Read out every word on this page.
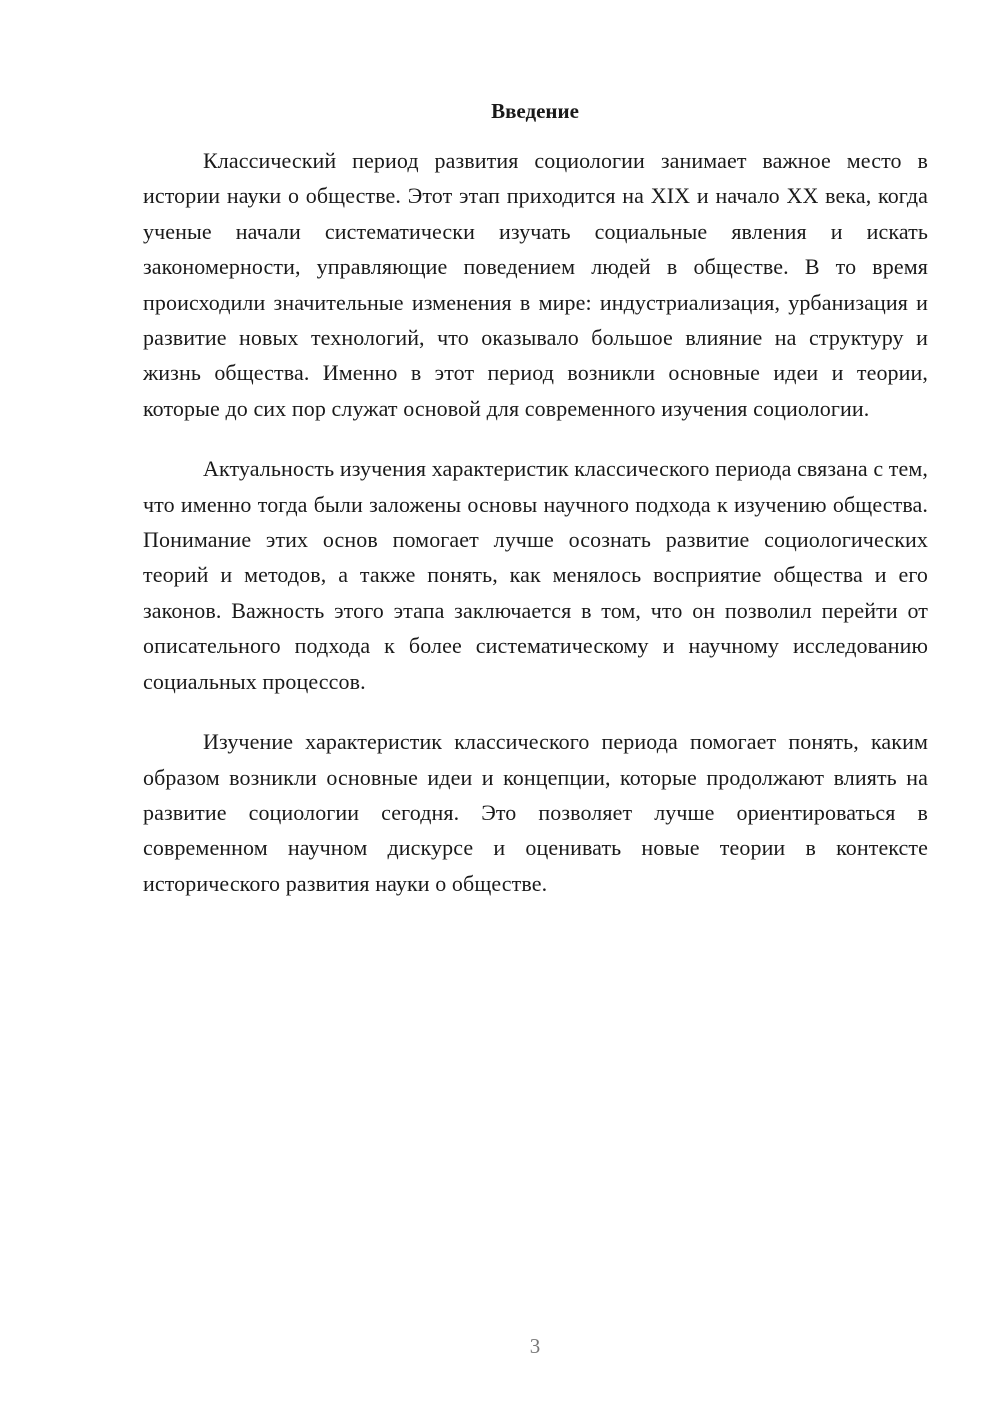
Введение

Классический период развития социологии занимает важное место в истории науки о обществе. Этот этап приходится на XIX и начало XX века, когда ученые начали систематически изучать социальные явления и искать закономерности, управляющие поведением людей в обществе. В то время происходили значительные изменения в мире: индустриализация, урбанизация и развитие новых технологий, что оказывало большое влияние на структуру и жизнь общества. Именно в этот период возникли основные идеи и теории, которые до сих пор служат основой для современного изучения социологии.

Актуальность изучения характеристик классического периода связана с тем, что именно тогда были заложены основы научного подхода к изучению общества. Понимание этих основ помогает лучше осознать развитие социологических теорий и методов, а также понять, как менялось восприятие общества и его законов. Важность этого этапа заключается в том, что он позволил перейти от описательного подхода к более систематическому и научному исследованию социальных процессов.

Изучение характеристик классического периода помогает понять, каким образом возникли основные идеи и концепции, которые продолжают влиять на развитие социологии сегодня. Это позволяет лучше ориентироваться в современном научном дискурсе и оценивать новые теории в контексте исторического развития науки о обществе.

3
